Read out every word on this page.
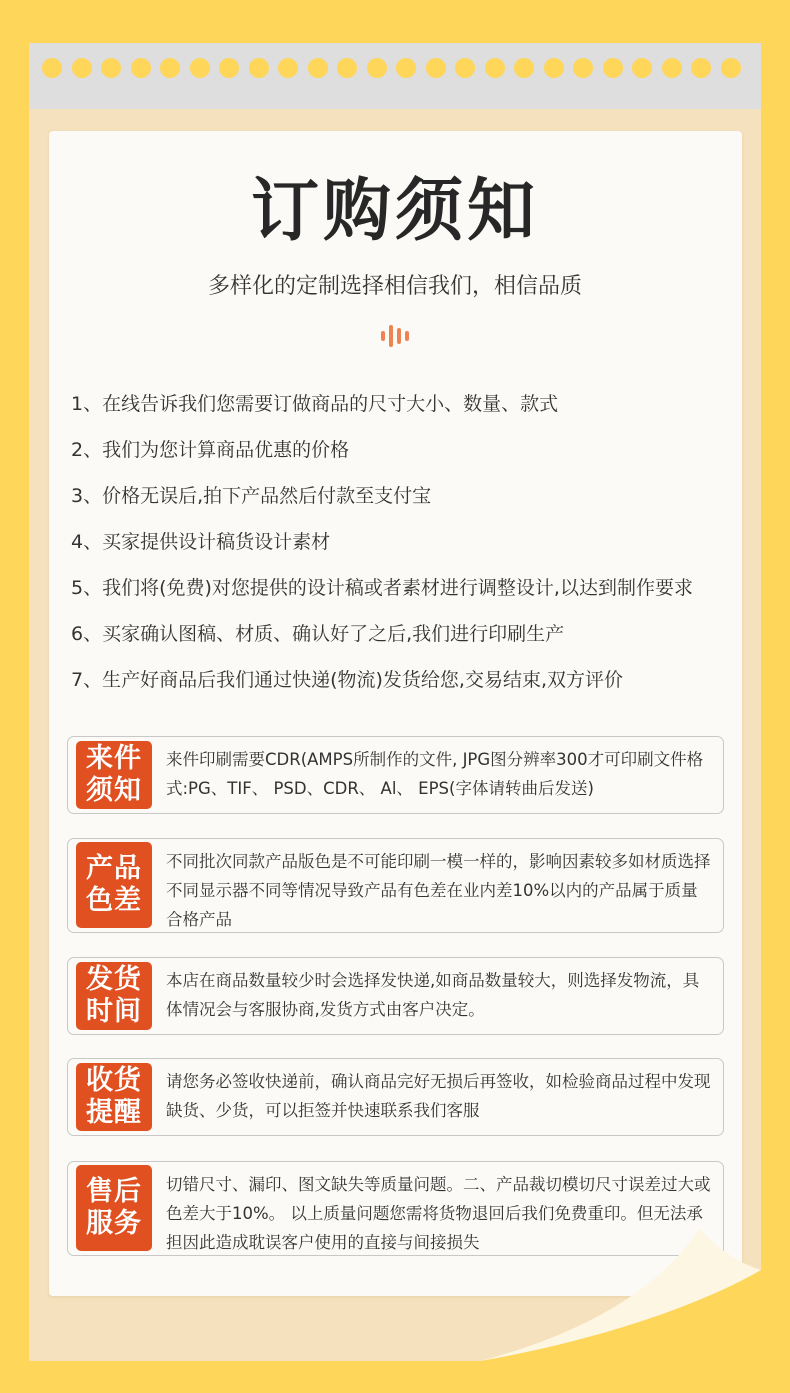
订购须知
多样化的定制选择相信我们，相信品质
1、在线告诉我们您需要订做商品的尺寸大小、数量、款式
2、我们为您计算商品优惠的价格
3、价格无误后,拍下产品然后付款至支付宝
4、买家提供设计稿货设计素材
5、我们将(免费)对您提供的设计稿或者素材进行调整设计,以达到制作要求
6、买家确认图稿、材质、确认好了之后,我们进行印刷生产
7、生产好商品后我们通过快递(物流)发货给您,交易结束,双方评价
来件
须知
来件印刷需要CDR(AMPS所制作的文件, JPG图分辨率300才可印刷文件格式:PG、TIF、 PSD、CDR、 Al、 EPS(字体请转曲后发送)
产品
色差
不同批次同款产品版色是不可能印刷一模一样的，影响因素较多如材质选择不同显示器不同等情况导致产品有色差在业内差10%以内的产品属于质量合格产品
发货
时间
本店在商品数量较少时会选择发快递,如商品数量较大，则选择发物流，具体情况会与客服协商,发货方式由客户决定。
收货
提醒
请您务必签收快递前，确认商品完好无损后再签收，如检验商品过程中发现缺货、少货，可以拒签并快速联系我们客服
售后
服务
切错尺寸、漏印、图文缺失等质量问题。二、产品裁切模切尺寸误差过大或色差大于10%。 以上质量问题您需将货物退回后我们免费重印。但无法承担因此造成耽误客户使用的直接与间接损失
